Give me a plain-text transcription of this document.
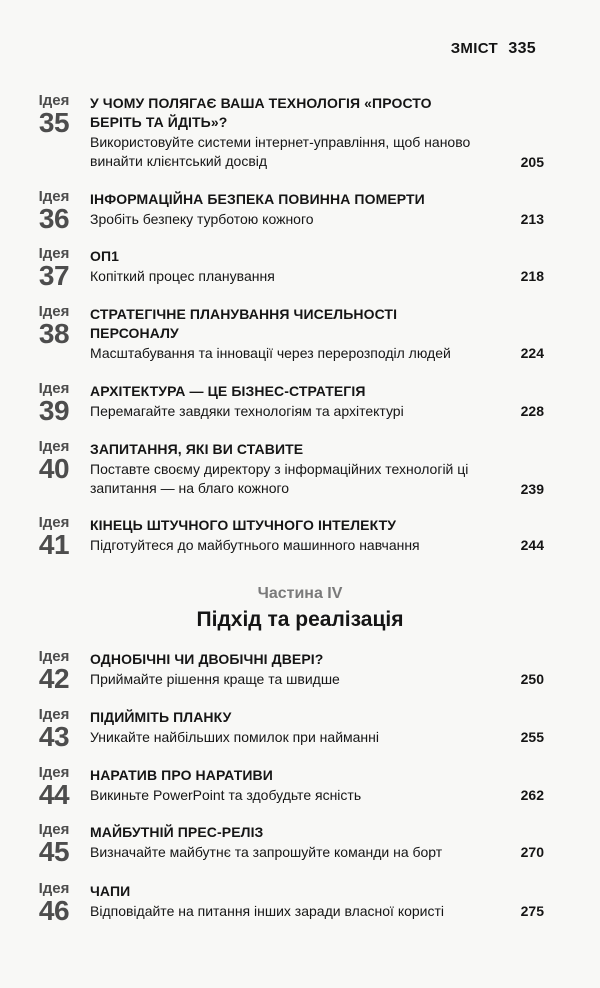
ЗМІСТ 335
Ідея
35
У ЧОМУ ПОЛЯГАЄ ВАША ТЕХНОЛОГІЯ «ПРОСТО БЕРІТЬ ТА ЙДІТЬ»?
Використовуйте системи інтернет-управління, щоб наново винайти клієнтський досвід	205
Ідея
36
ІНФОРМАЦІЙНА БЕЗПЕКА ПОВИННА ПОМЕРТИ
Зробіть безпеку турботою кожного	213
Ідея
37
ОП1
Копіткий процес планування	218
Ідея
38
СТРАТЕГІЧНЕ ПЛАНУВАННЯ ЧИСЕЛЬНОСТІ ПЕРСОНАЛУ
Масштабування та інновації через перерозподіл людей	224
Ідея
39
АРХІТЕКТУРА — ЦЕ БІЗНЕС-СТРАТЕГІЯ
Перемагайте завдяки технологіям та архітектурі	228
Ідея
40
ЗАПИТАННЯ, ЯКІ ВИ СТАВИТЕ
Поставте своєму директору з інформаційних технологій ці запитання — на благо кожного	239
Ідея
41
КІНЕЦЬ ШТУЧНОГО ШТУЧНОГО ІНТЕЛЕКТУ
Підготуйтеся до майбутнього машинного навчання	244
Частина IV
Підхід та реалізація
Ідея
42
ОДНОБІЧНІ ЧИ ДВОБІЧНІ ДВЕРІ?
Приймайте рішення краще та швидше	250
Ідея
43
ПІДИЙМІТЬ ПЛАНКУ
Уникайте найбільших помилок при найманні	255
Ідея
44
НАРАТИВ ПРО НАРАТИВИ
Викиньте PowerPoint та здобудьте ясність	262
Ідея
45
МАЙБУТНІЙ ПРЕС-РЕЛІЗ
Визначайте майбутнє та запрошуйте команди на борт	270
Ідея
46
ЧАПИ
Відповідайте на питання інших заради власної користі	275
